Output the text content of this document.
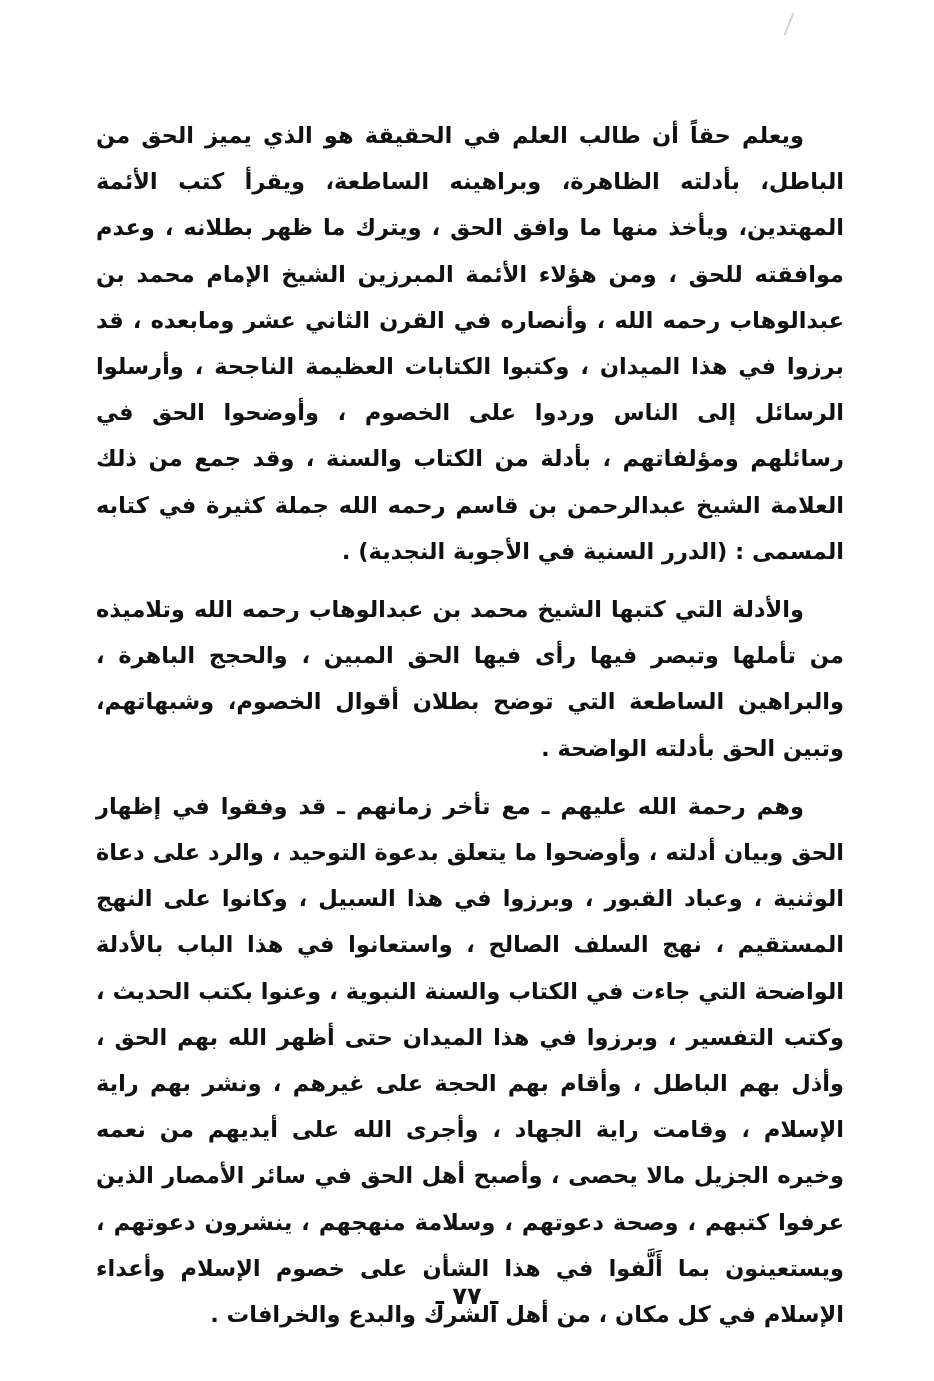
ويعلم حقاً أن طالب العلم في الحقيقة هو الذي يميز الحق من الباطل، بأدلته الظاهرة، وبراهينه الساطعة، ويقرأ كتب الأئمة المهتدين، ويأخذ منها ما وافق الحق ، ويترك ما ظهر بطلانه ، وعدم موافقته للحق ، ومن هؤلاء الأئمة المبرزين الشيخ الإمام محمد بن عبدالوهاب رحمه الله ، وأنصاره في القرن الثاني عشر ومابعده ، قد برزوا في هذا الميدان ، وكتبوا الكتابات العظيمة الناجحة ، وأرسلوا الرسائل إلى الناس وردوا على الخصوم ، وأوضحوا الحق في رسائلهم ومؤلفاتهم ، بأدلة من الكتاب والسنة ، وقد جمع من ذلك العلامة الشيخ عبدالرحمن بن قاسم رحمه الله جملة كثيرة في كتابه المسمى : (الدرر السنية في الأجوبة النجدية) .

والأدلة التي كتبها الشيخ محمد بن عبدالوهاب رحمه الله وتلاميذه من تأملها وتبصر فيها رأى فيها الحق المبين ، والحجج الباهرة ، والبراهين الساطعة التي توضح بطلان أقوال الخصوم، وشبهاتهم، وتبين الحق بأدلته الواضحة .

وهم رحمة الله عليهم ـ مع تأخر زمانهم ـ قد وفقوا في إظهار الحق وبيان أدلته ، وأوضحوا ما يتعلق بدعوة التوحيد ، والرد على دعاة الوثنية ، وعباد القبور ، وبرزوا في هذا السبيل ، وكانوا على النهج المستقيم ، نهج السلف الصالح ، واستعانوا في هذا الباب بالأدلة الواضحة التي جاءت في الكتاب والسنة النبوية ، وعنوا بكتب الحديث ، وكتب التفسير ، وبرزوا في هذا الميدان حتى أظهر الله بهم الحق ، وأذل بهم الباطل ، وأقام بهم الحجة على غيرهم ، ونشر بهم راية الإسلام ، وقامت راية الجهاد ، وأجرى الله على أيديهم من نعمه وخيره الجزيل مالا يحصى ، وأصبح أهل الحق في سائر الأمصار الذين عرفوا كتبهم ، وصحة دعوتهم ، وسلامة منهجهم ، ينشرون دعوتهم ، ويستعينون بما أَلَّفوا في هذا الشأن على خصوم الإسلام وأعداء الإسلام في كل مكان ، من أهل الشرك والبدع والخرافات .

ـ ٧٧ ـ
